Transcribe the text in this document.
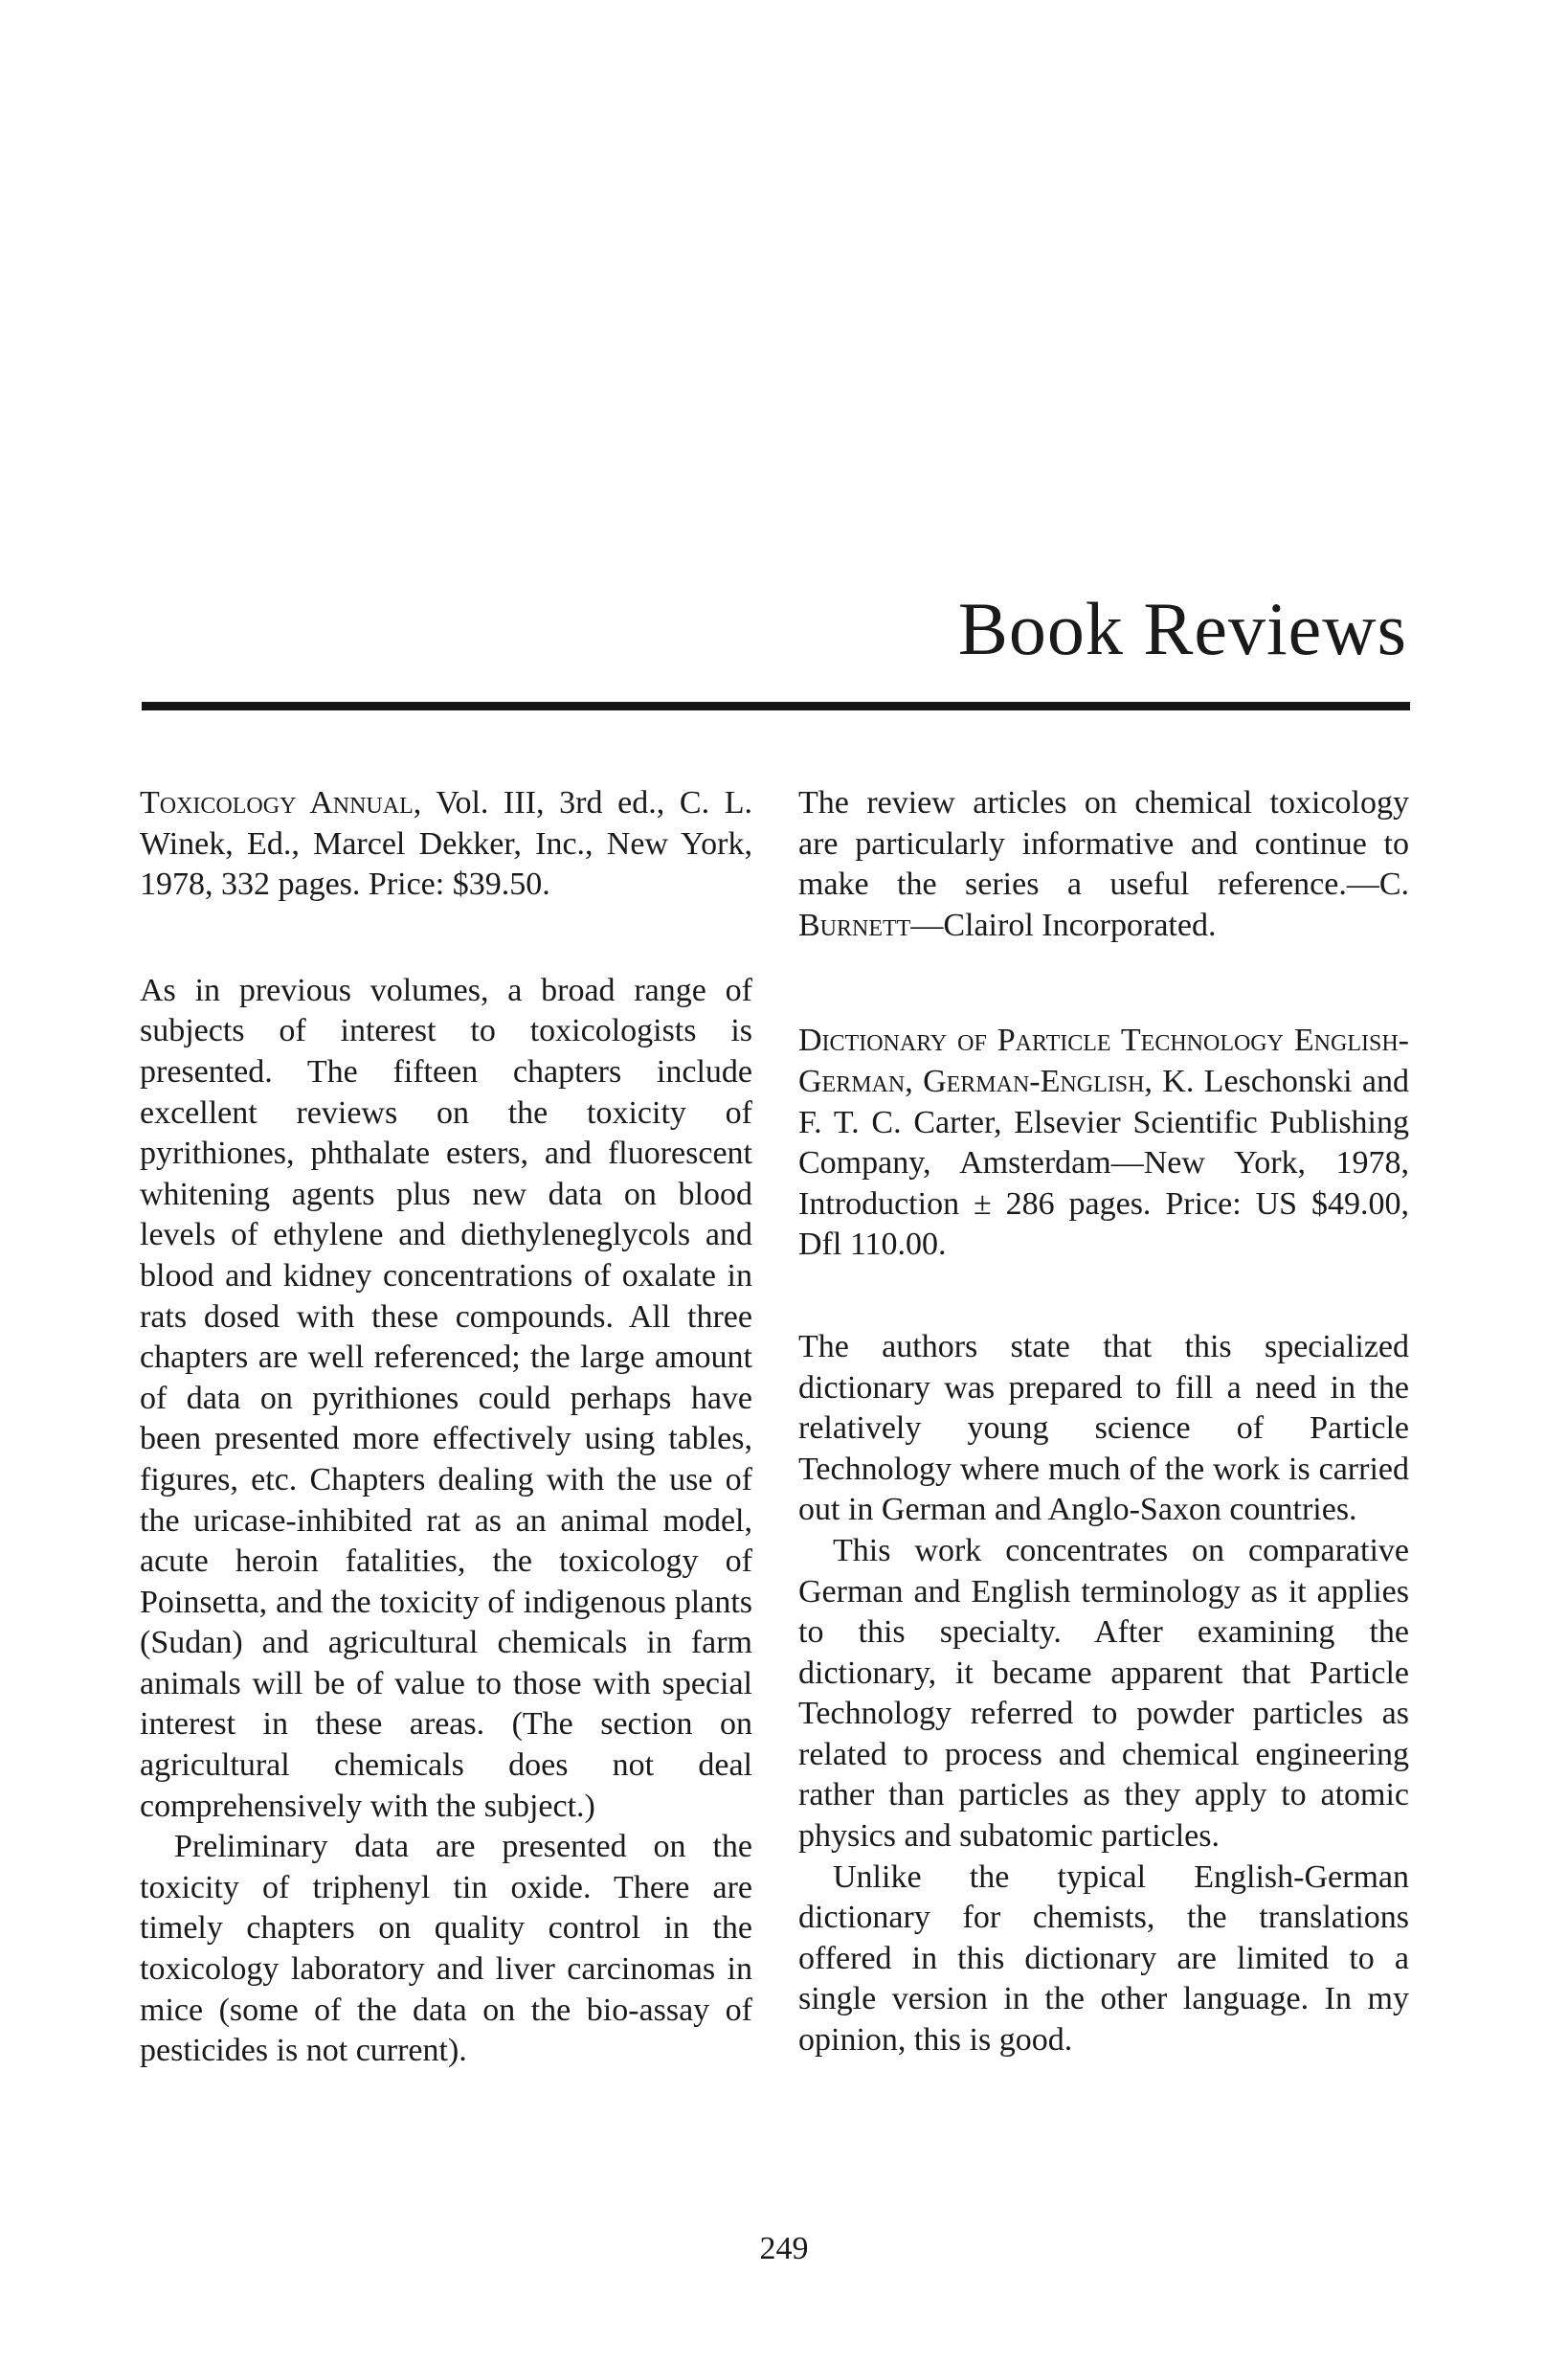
Book Reviews

Toxicology Annual, Vol. III, 3rd ed., C. L. Winek, Ed., Marcel Dekker, Inc., New York, 1978, 332 pages. Price: $39.50.

As in previous volumes, a broad range of subjects of interest to toxicologists is presented. The fifteen chapters include excellent reviews on the toxicity of pyrithiones, phthalate esters, and fluorescent whitening agents plus new data on blood levels of ethylene and diethyleneglycols and blood and kidney concentrations of oxalate in rats dosed with these compounds. All three chapters are well referenced; the large amount of data on pyrithiones could perhaps have been presented more effectively using tables, figures, etc. Chapters dealing with the use of the uricase-inhibited rat as an animal model, acute heroin fatalities, the toxicology of Poinsetta, and the toxicity of indigenous plants (Sudan) and agricultural chemicals in farm animals will be of value to those with special interest in these areas. (The section on agricultural chemicals does not deal comprehensively with the subject.)

Preliminary data are presented on the toxicity of triphenyl tin oxide. There are timely chapters on quality control in the toxicology laboratory and liver carcinomas in mice (some of the data on the bio-assay of pesticides is not current).

The review articles on chemical toxicology are particularly informative and continue to make the series a useful reference.—C. Burnett—Clairol Incorporated.

Dictionary of Particle Technology English-German, German-English, K. Leschonski and F. T. C. Carter, Elsevier Scientific Publishing Company, Amsterdam—New York, 1978, Introduction ± 286 pages. Price: US $49.00, Dfl 110.00.

The authors state that this specialized dictionary was prepared to fill a need in the relatively young science of Particle Technology where much of the work is carried out in German and Anglo-Saxon countries.

This work concentrates on comparative German and English terminology as it applies to this specialty. After examining the dictionary, it became apparent that Particle Technology referred to powder particles as related to process and chemical engineering rather than particles as they apply to atomic physics and subatomic particles.

Unlike the typical English-German dictionary for chemists, the translations offered in this dictionary are limited to a single version in the other language. In my opinion, this is good.

249
